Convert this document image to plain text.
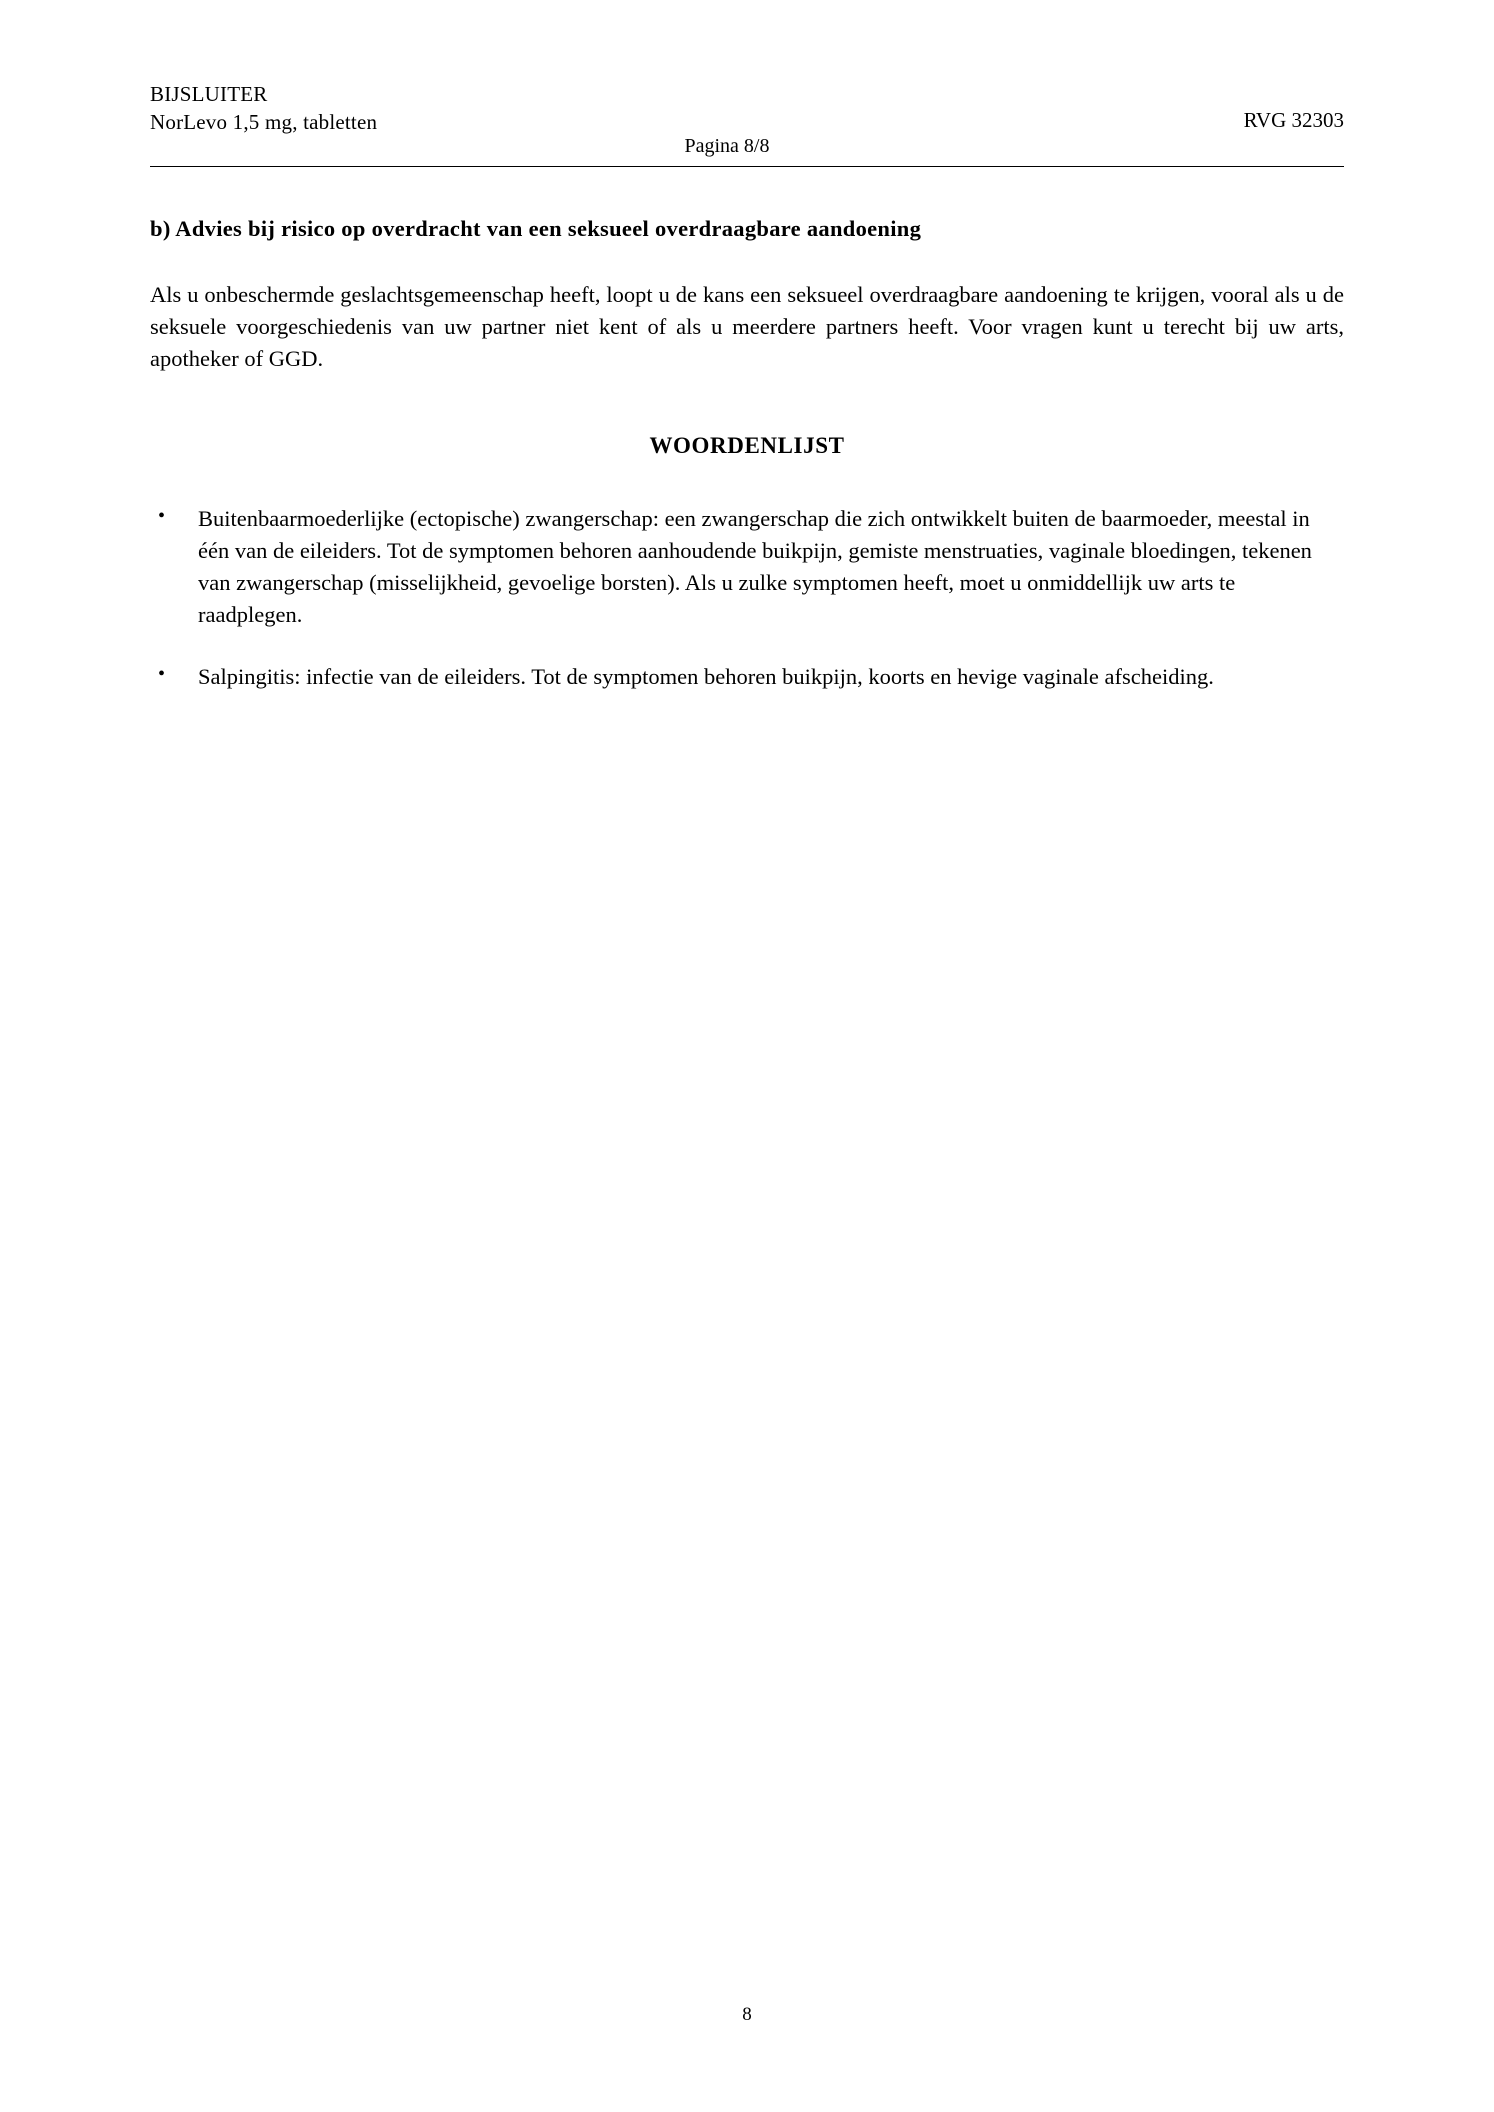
BIJSLUITER
NorLevo 1,5 mg, tabletten	RVG 32303
Pagina 8/8
b) Advies bij risico op overdracht van een seksueel overdraagbare aandoening

Als u onbeschermde geslachtsgemeenschap heeft, loopt u de kans een seksueel overdraagbare aandoening te krijgen, vooral als u de seksuele voorgeschiedenis van uw partner niet kent of als u meerdere partners heeft. Voor vragen kunt u terecht bij uw arts, apotheker of GGD.

WOORDENLIJST
• Buitenbaarmoederlijke (ectopische) zwangerschap: een zwangerschap die zich ontwikkelt buiten de baarmoeder, meestal in één van de eileiders. Tot de symptomen behoren aanhoudende buikpijn, gemiste menstruaties, vaginale bloedingen, tekenen van zwangerschap (misselijkheid, gevoelige borsten). Als u zulke symptomen heeft, moet u onmiddellijk uw arts te raadplegen.
• Salpingitis: infectie van de eileiders. Tot de symptomen behoren buikpijn, koorts en hevige vaginale afscheiding.
8
